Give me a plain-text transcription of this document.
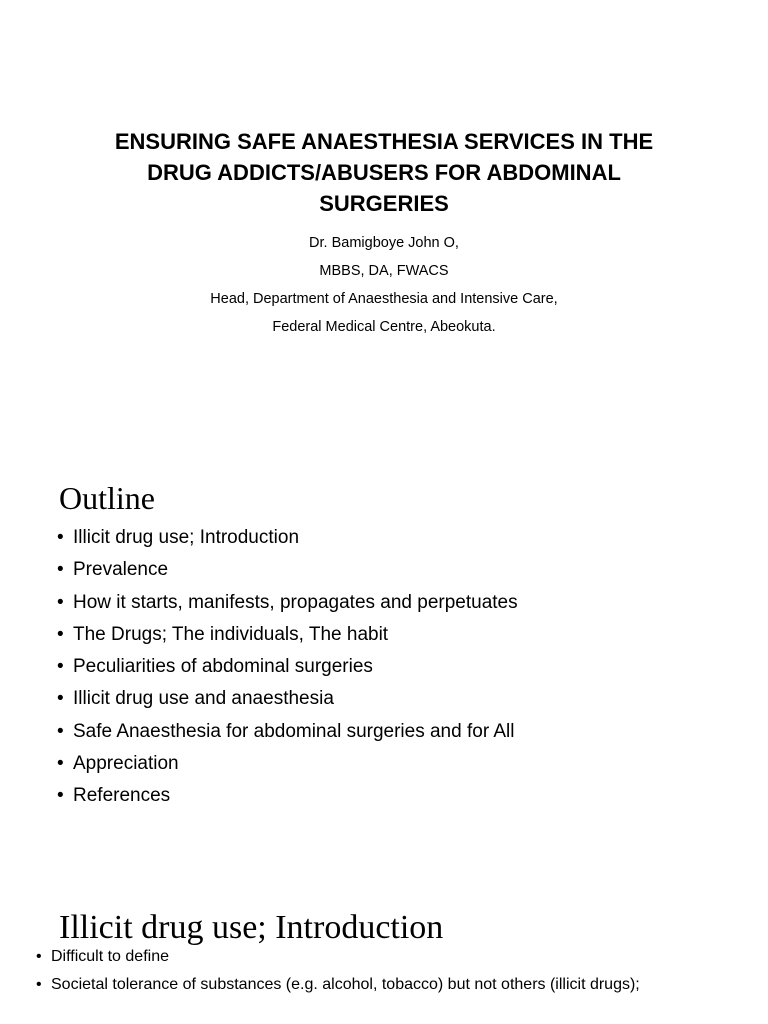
ENSURING SAFE ANAESTHESIA SERVICES IN THE DRUG ADDICTS/ABUSERS FOR ABDOMINAL SURGERIES
Dr. Bamigboye John O,
MBBS, DA, FWACS
Head, Department of Anaesthesia and Intensive Care,
Federal Medical Centre, Abeokuta.
Outline
• Illicit drug use; Introduction
• Prevalence
• How it starts, manifests, propagates and perpetuates
• The Drugs; The individuals, The habit
• Peculiarities of abdominal surgeries
• Illicit drug use and anaesthesia
• Safe Anaesthesia for abdominal surgeries and for All
• Appreciation
• References
Illicit drug use; Introduction
• Difficult to define
• Societal tolerance of substances (e.g. alcohol, tobacco) but not others (illicit drugs);
